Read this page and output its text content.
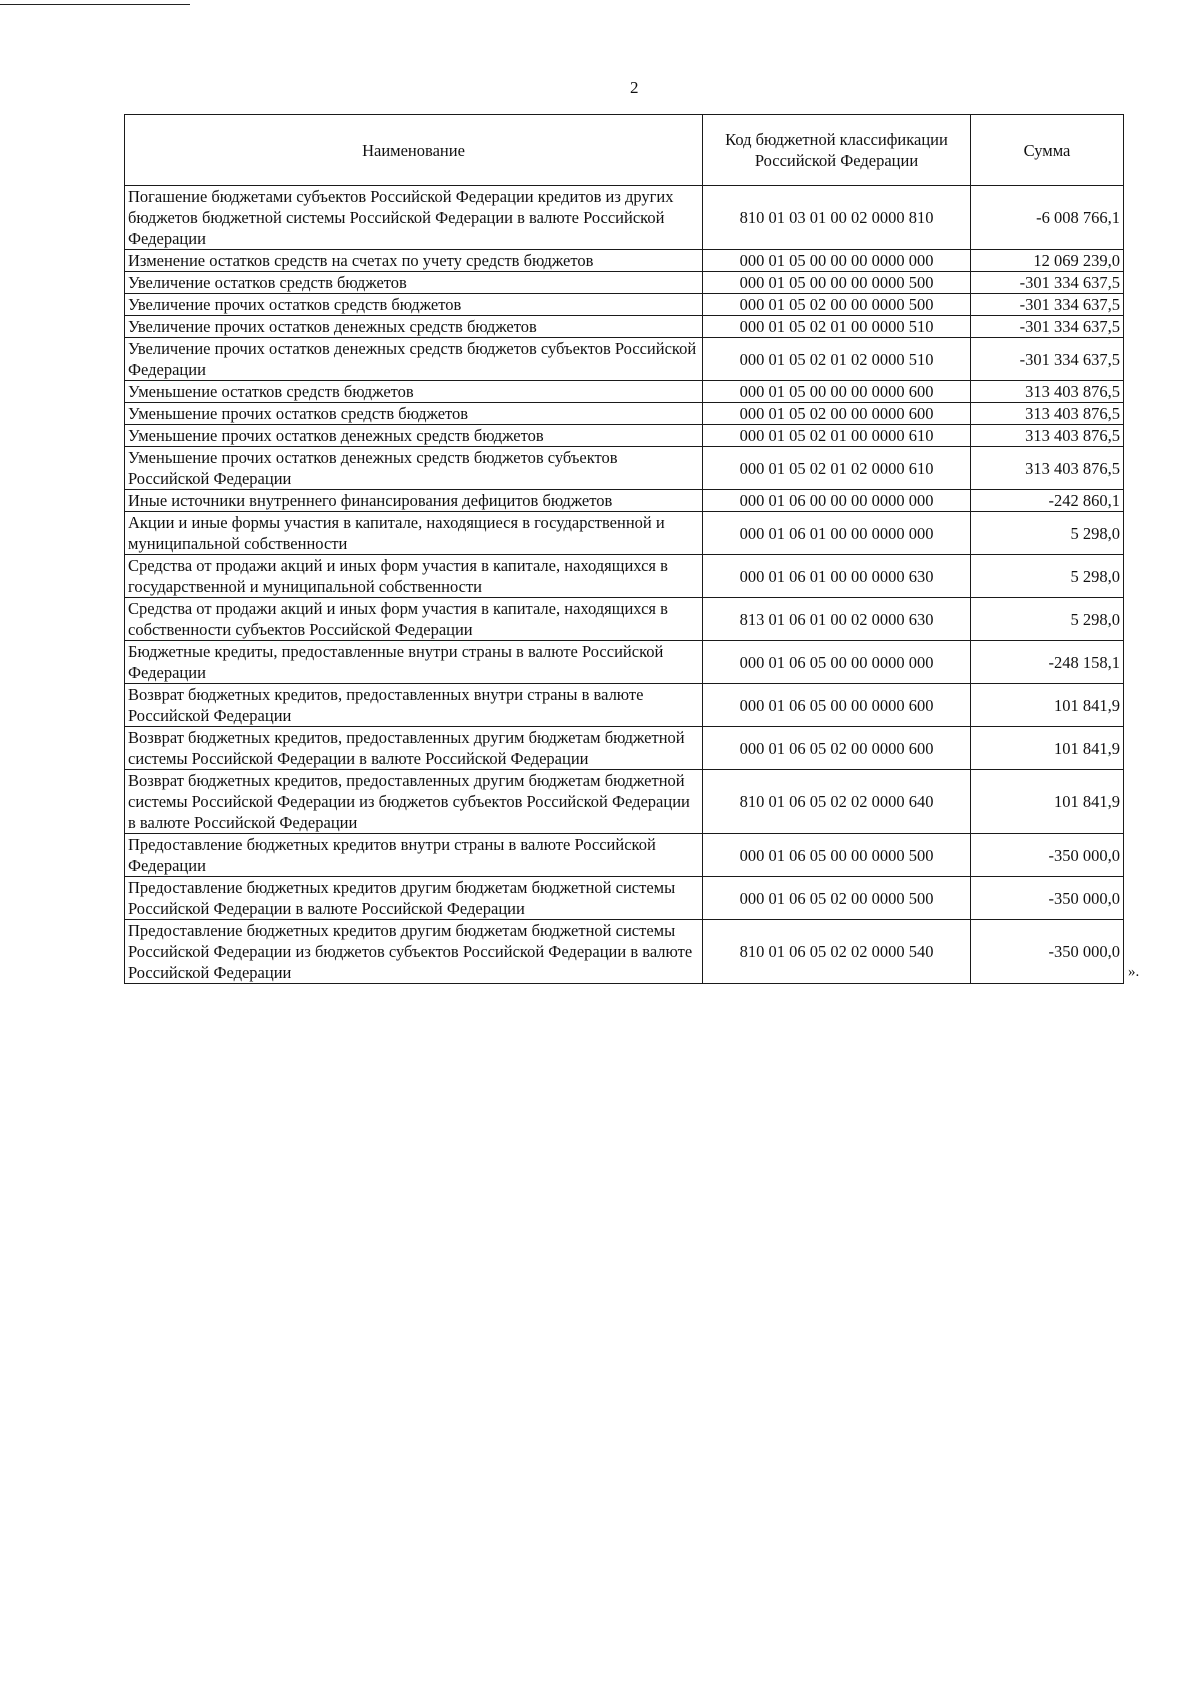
2
Наименование	Код бюджетной классификации Российской Федерации	Сумма
Погашение бюджетами субъектов Российской Федерации кредитов из других бюджетов бюджетной системы Российской Федерации в валюте Российской Федерации	810 01 03 01 00 02 0000 810	-6 008 766,1
Изменение остатков средств на счетах по учету средств бюджетов	000 01 05 00 00 00 0000 000	12 069 239,0
Увеличение остатков средств бюджетов	000 01 05 00 00 00 0000 500	-301 334 637,5
Увеличение прочих остатков средств бюджетов	000 01 05 02 00 00 0000 500	-301 334 637,5
Увеличение прочих остатков денежных средств бюджетов	000 01 05 02 01 00 0000 510	-301 334 637,5
Увеличение прочих остатков денежных средств бюджетов субъектов Российской Федерации	000 01 05 02 01 02 0000 510	-301 334 637,5
Уменьшение остатков средств бюджетов	000 01 05 00 00 00 0000 600	313 403 876,5
Уменьшение прочих остатков средств бюджетов	000 01 05 02 00 00 0000 600	313 403 876,5
Уменьшение прочих остатков денежных средств бюджетов	000 01 05 02 01 00 0000 610	313 403 876,5
Уменьшение прочих остатков денежных средств бюджетов субъектов Российской Федерации	000 01 05 02 01 02 0000 610	313 403 876,5
Иные источники внутреннего финансирования дефицитов бюджетов	000 01 06 00 00 00 0000 000	-242 860,1
Акции и иные формы участия в капитале, находящиеся в государственной и муниципальной собственности	000 01 06 01 00 00 0000 000	5 298,0
Средства от продажи акций и иных форм участия в капитале, находящихся в государственной и муниципальной собственности	000 01 06 01 00 00 0000 630	5 298,0
Средства от продажи акций и иных форм участия в капитале, находящихся в собственности субъектов Российской Федерации	813 01 06 01 00 02 0000 630	5 298,0
Бюджетные кредиты, предоставленные внутри страны в валюте Российской Федерации	000 01 06 05 00 00 0000 000	-248 158,1
Возврат бюджетных кредитов, предоставленных внутри страны в валюте Российской Федерации	000 01 06 05 00 00 0000 600	101 841,9
Возврат бюджетных кредитов, предоставленных другим бюджетам бюджетной системы Российской Федерации в валюте Российской Федерации	000 01 06 05 02 00 0000 600	101 841,9
Возврат бюджетных кредитов, предоставленных другим бюджетам бюджетной системы Российской Федерации из бюджетов субъектов Российской Федерации в валюте Российской Федерации	810 01 06 05 02 02 0000 640	101 841,9
Предоставление бюджетных кредитов внутри страны в валюте Российской Федерации	000 01 06 05 00 00 0000 500	-350 000,0
Предоставление бюджетных кредитов другим бюджетам бюджетной системы Российской Федерации в валюте Российской Федерации	000 01 06 05 02 00 0000 500	-350 000,0
Предоставление бюджетных кредитов другим бюджетам бюджетной системы Российской Федерации из бюджетов субъектов Российской Федерации в валюте Российской Федерации	810 01 06 05 02 02 0000 540	-350 000,0
».
